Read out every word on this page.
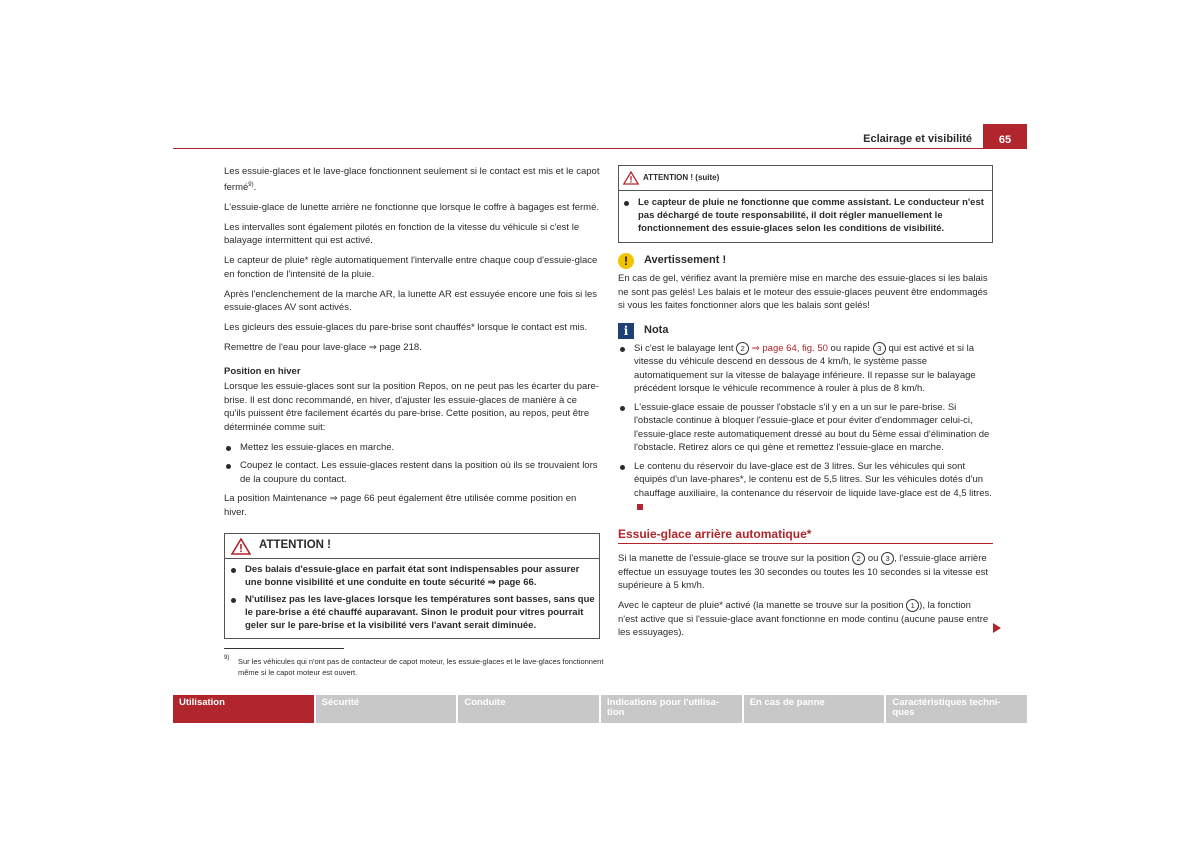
Eclairage et visibilité	65

Les essuie-glaces et le lave-glace fonctionnent seulement si le contact est mis et le capot fermé$^{9)}$.

L'essuie-glace de lunette arrière ne fonctionne que lorsque le coffre à bagages est fermé.

Les intervalles sont également pilotés en fonction de la vitesse du véhicule si c'est le balayage intermittent qui est activé.

Le capteur de pluie* règle automatiquement l'intervalle entre chaque coup d'essuie-glace en fonction de l'intensité de la pluie.

Après l'enclenchement de la marche AR, la lunette AR est essuyée encore une fois si les essuie-glaces AV sont activés.

Les gicleurs des essuie-glaces du pare-brise sont chauffés* lorsque le contact est mis.

Remettre de l'eau pour lave-glace ⇒ page 218.

Position en hiver

Lorsque les essuie-glaces sont sur la position Repos, on ne peut pas les écarter du pare-brise. Il est donc recommandé, en hiver, d'ajuster les essuie-glaces de manière à ce qu'ils puissent être facilement écartés du pare-brise. Cette position, au repos, peut être déterminée comme suit:

Mettez les essuie-glaces en marche.
Coupez le contact. Les essuie-glaces restent dans la position où ils se trouvaient lors de la coupure du contact.

La position Maintenance ⇒ page 66 peut également être utilisée comme position en hiver.

ATTENTION !
Des balais d'essuie-glace en parfait état sont indispensables pour assurer une bonne visibilité et une conduite en toute sécurité ⇒ page 66.
N'utilisez pas les lave-glaces lorsque les températures sont basses, sans que le pare-brise a été chauffé auparavant. Sinon le produit pour vitres pourrait geler sur le pare-brise et la visibilité vers l'avant serait diminuée.
9) Sur les véhicules qui n'ont pas de contacteur de capot moteur, les essuie-glaces et le lave-glaces fonctionnent même si le capot moteur est ouvert.
ATTENTION ! (suite)
Le capteur de pluie ne fonctionne que comme assistant. Le conducteur n'est pas déchargé de toute responsabilité, il doit régler manuellement le fonctionnement des essuie-glaces selon les conditions de visibilité.
!	Avertissement !

En cas de gel, vérifiez avant la première mise en marche des essuie-glaces si les balais ne sont pas gelés! Les balais et le moteur des essuie-glaces peuvent être endommagés si vous les faites fonctionner alors que les balais sont gelés!

i	Nota
Si c'est le balayage lent 2 ⇒ page 64, fig. 50 ou rapide 3 qui est activé et si la vitesse du véhicule descend en dessous de 4 km/h, le système passe automatiquement sur la vitesse de balayage inférieure. Il repasse sur le balayage précédent lorsque le véhicule recommence à rouler à plus de 8 km/h.
L'essuie-glace essaie de pousser l'obstacle s'il y en a un sur le pare-brise. Si l'obstacle continue à bloquer l'essuie-glace et pour éviter d'endommager celui-ci, l'essuie-glace reste automatiquement dressé au bout du 5ème essai d'élimination de l'obstacle. Retirez alors ce qui gène et remettez l'essuie-glace en marche.
Le contenu du réservoir du lave-glace est de 3 litres. Sur les véhicules qui sont équipés d'un lave-phares*, le contenu est de 5,5 litres. Sur les véhicules dotés d'un chauffage auxiliaire, la contenance du réservoir de liquide lave-glace est de 4,5 litres.
Essuie-glace arrière automatique*

Si la manette de l'essuie-glace se trouve sur la position 2 ou 3 , l'essuie-glace arrière effectue un essuyage toutes les 30 secondes ou toutes les 10 secondes si la vitesse est supérieure à 5 km/h.

Avec le capteur de pluie* activé (la manette se trouve sur la position 1 ), la fonction n'est active que si l'essuie-glace avant fonctionne en mode continu (aucune pause entre les essuyages).

Utilisation	Sécurité	Conduite	Indications pour l'utilisa-
tion
En cas de panne	Caractéristiques techni-
ques
